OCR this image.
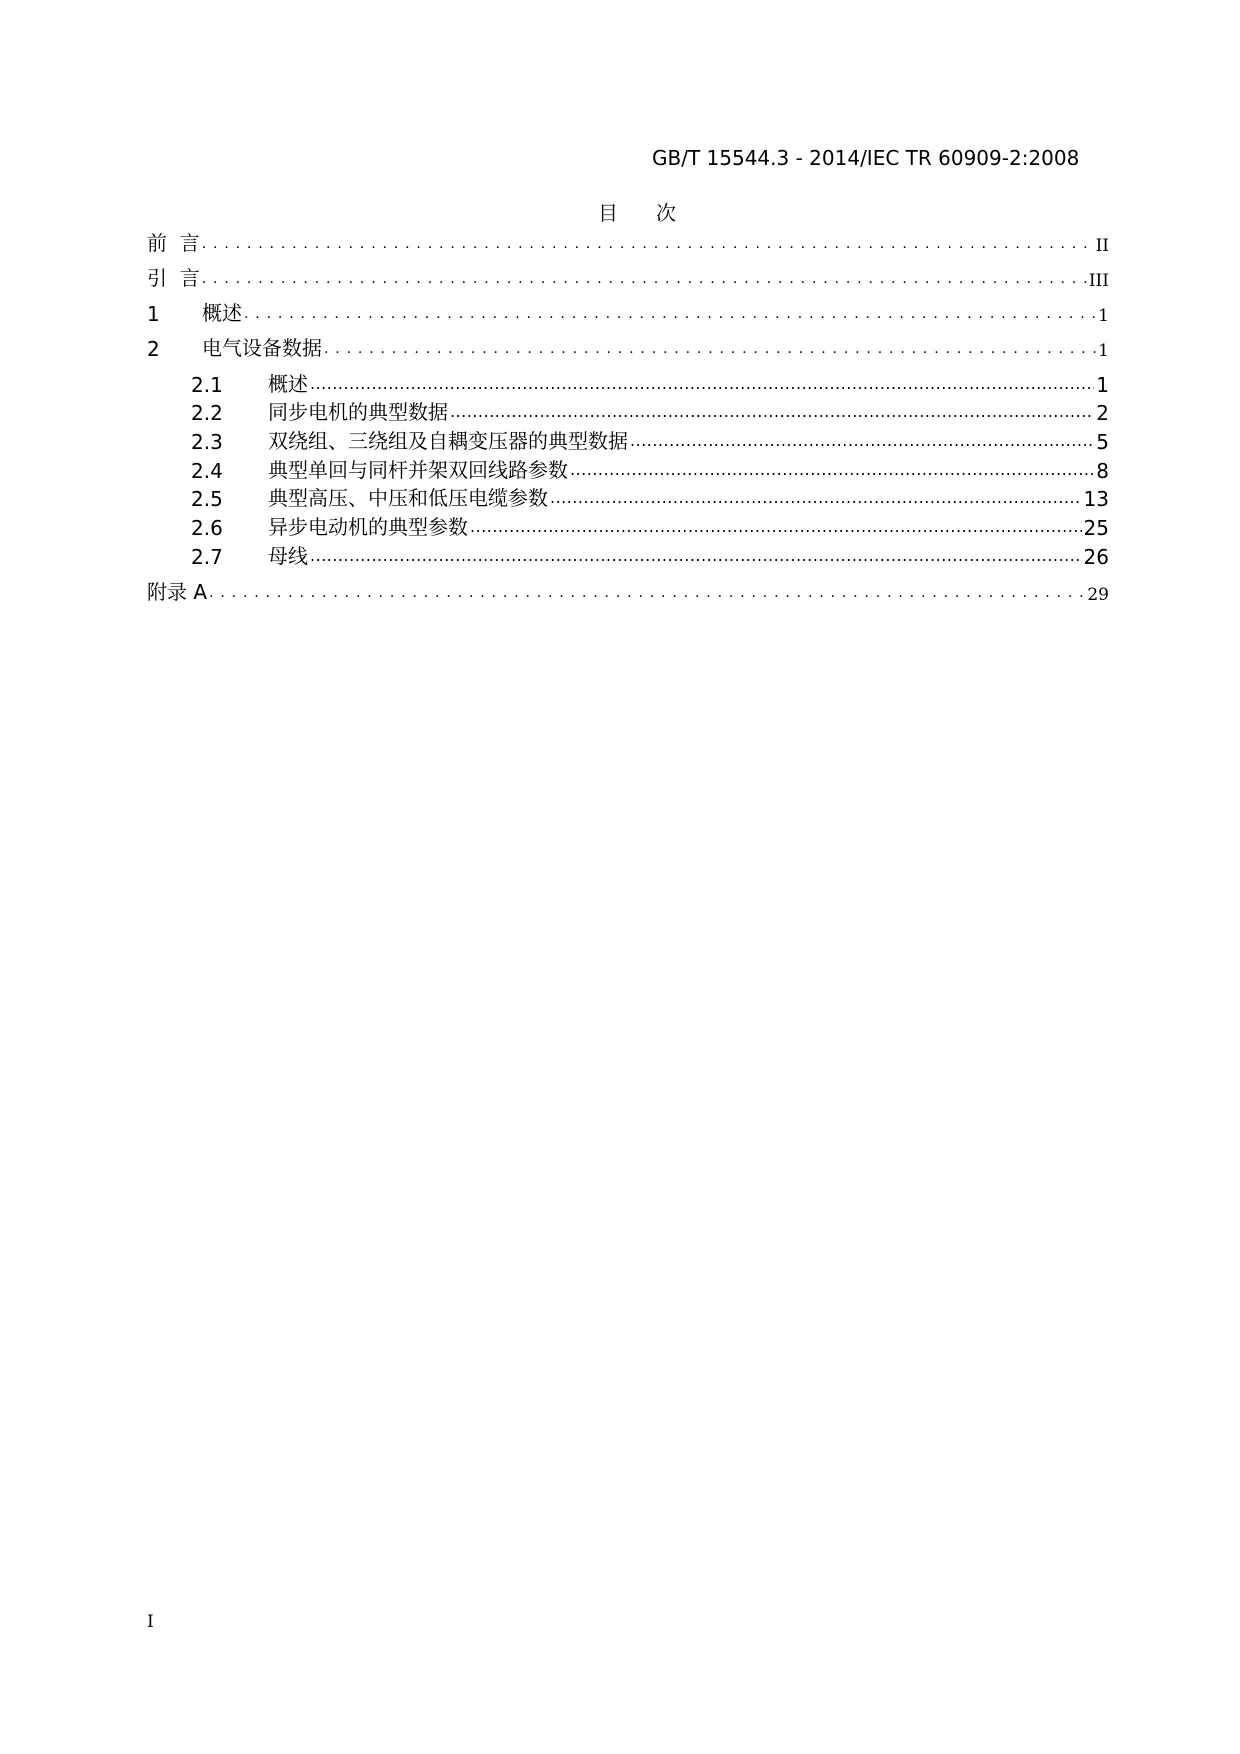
GB/T 15544.3 - 2014/IEC TR 60909-2:2008
目 次
前  言 . . .	II
引  言 . . .	III
1	概述 . . .	1
2	电气设备数据 . . .	1
2.1	概述 .....	1
2.2	同步电机的典型数据 .....	2
2.3	双绕组、三绕组及自耦变压器的典型数据 .....	5
2.4	典型单回与同杆并架双回线路参数 .....	8
2.5	典型高压、中压和低压电缆参数 .....	13
2.6	异步电动机的典型参数 .....	25
2.7	母线 .....	26
附录 A . . .	29
I
